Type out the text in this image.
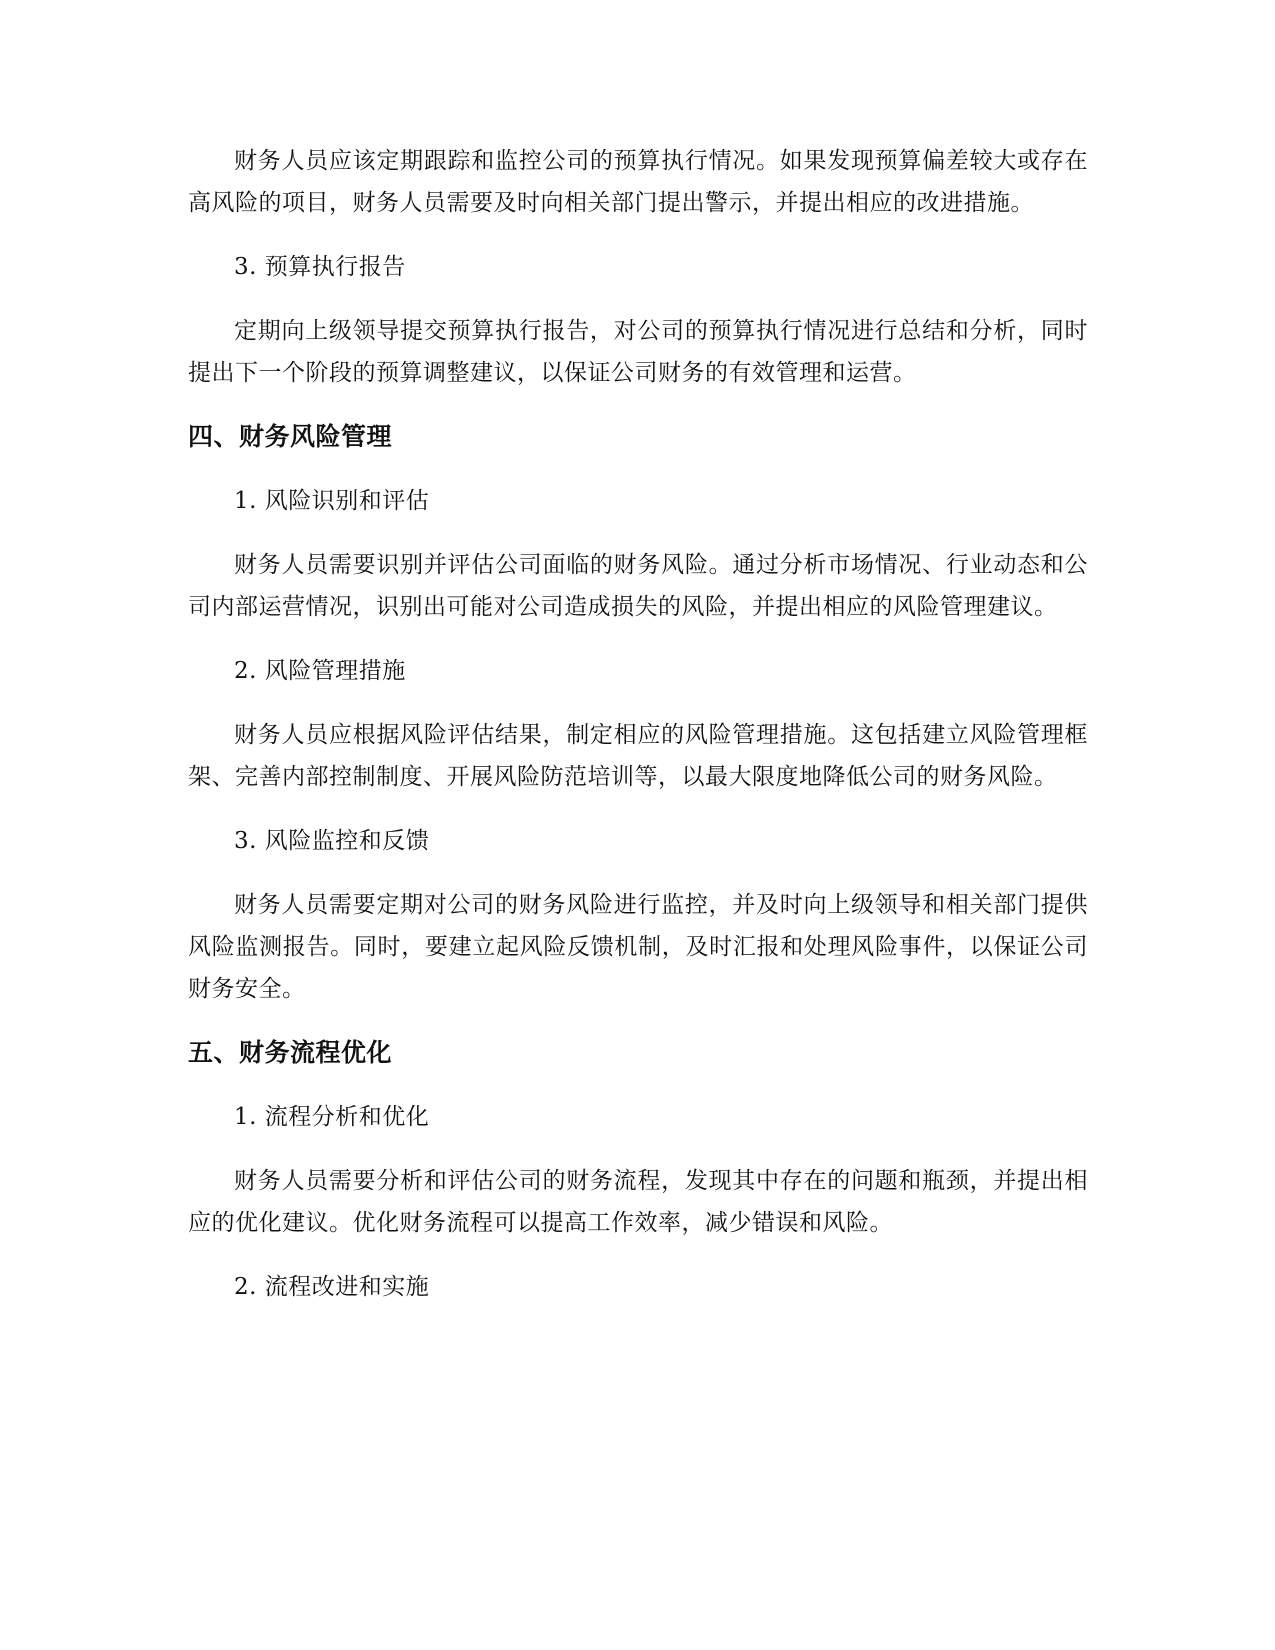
财务人员应该定期跟踪和监控公司的预算执行情况。如果发现预算偏差较大或存在高风险的项目，财务人员需要及时向相关部门提出警示，并提出相应的改进措施。

3. 预算执行报告

定期向上级领导提交预算执行报告，对公司的预算执行情况进行总结和分析，同时提出下一个阶段的预算调整建议，以保证公司财务的有效管理和运营。

四、财务风险管理

1. 风险识别和评估

财务人员需要识别并评估公司面临的财务风险。通过分析市场情况、行业动态和公司内部运营情况，识别出可能对公司造成损失的风险，并提出相应的风险管理建议。

2. 风险管理措施

财务人员应根据风险评估结果，制定相应的风险管理措施。这包括建立风险管理框架、完善内部控制制度、开展风险防范培训等，以最大限度地降低公司的财务风险。

3. 风险监控和反馈

财务人员需要定期对公司的财务风险进行监控，并及时向上级领导和相关部门提供风险监测报告。同时，要建立起风险反馈机制，及时汇报和处理风险事件，以保证公司财务安全。

五、财务流程优化

1. 流程分析和优化

财务人员需要分析和评估公司的财务流程，发现其中存在的问题和瓶颈，并提出相应的优化建议。优化财务流程可以提高工作效率，减少错误和风险。

2. 流程改进和实施
